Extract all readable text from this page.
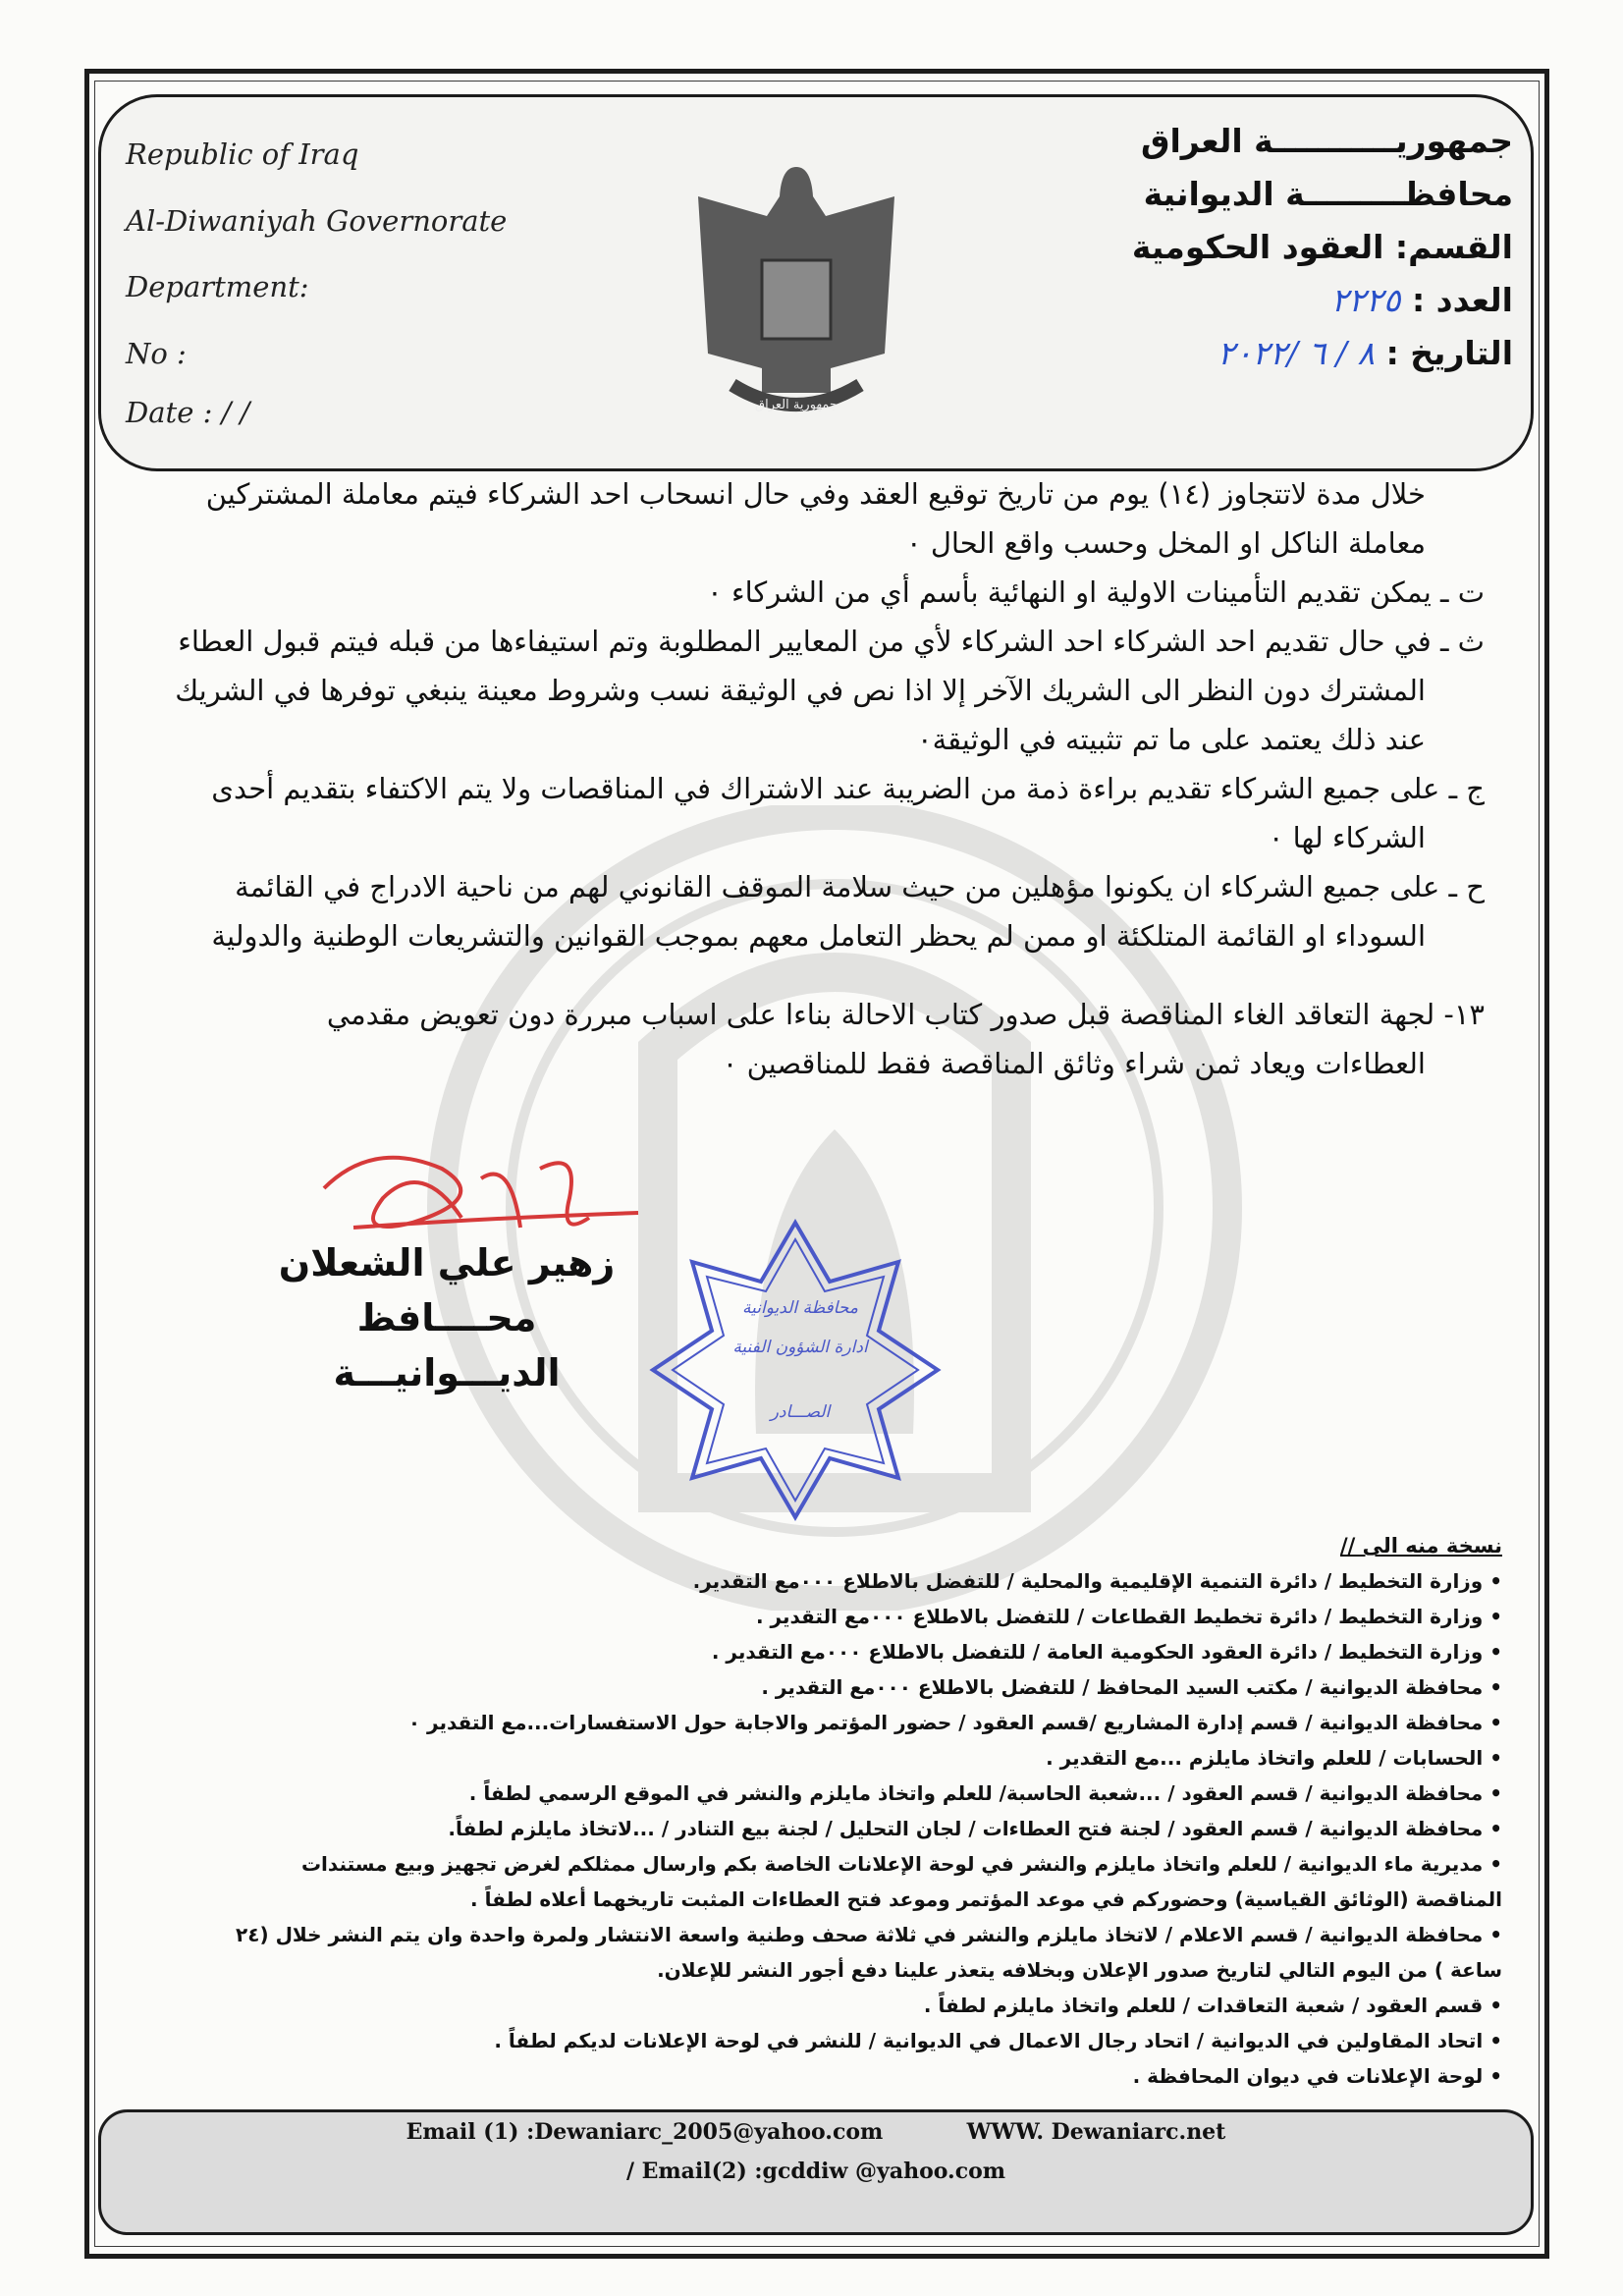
Republic of Iraq
Al-Diwaniyah Governorate
Department:
No :
Date : / /	جمهورية العراق
جمهوريـــــــــــة العراق
محافظـــــــــة الديوانية
القسم: العقود الحكومية
العدد : ٢٢٢٥
التاريخ : ٨ / ٦ /٢٠٢٢

خلال مدة لاتتجاوز (١٤) يوم من تاريخ توقيع العقد وفي حال انسحاب احد الشركاء فيتم معاملة المشتركين

معاملة الناكل او المخل وحسب واقع الحال ٠

ت ـ يمكن تقديم التأمينات الاولية او النهائية بأسم أي من الشركاء ٠

ث ـ في حال تقديم احد الشركاء احد الشركاء لأي من المعايير المطلوبة وتم استيفاءها من قبله فيتم قبول العطاء

المشترك دون النظر الى الشريك الآخر إلا اذا نص في الوثيقة نسب وشروط معينة ينبغي توفرها في الشريك

عند ذلك يعتمد على ما تم تثبيته في الوثيقة٠

ج ـ على جميع الشركاء تقديم براءة ذمة من الضريبة عند الاشتراك في المناقصات ولا يتم الاكتفاء بتقديم أحدى

الشركاء لها ٠

ح ـ على جميع الشركاء ان يكونوا مؤهلين من حيث سلامة الموقف القانوني لهم من ناحية الادراج في القائمة

السوداء او القائمة المتلكئة او ممن لم يحظر التعامل معهم بموجب القوانين والتشريعات الوطنية والدولية

١٣- لجهة التعاقد الغاء المناقصة قبل صدور كتاب الاحالة بناءا على اسباب مبررة دون تعويض مقدمي

العطاءات ويعاد ثمن شراء وثائق المناقصة فقط للمناقصين ٠

زهير علي الشعلان
محــــافظ الديـــوانيـــة
محافظة الديوانية
ادارة الشؤون الفنية
الصـــادر
نسخة منه الى //

• وزارة التخطيط / دائرة التنمية الإقليمية والمحلية / للتفضل بالاطلاع ٠٠٠مع التقدير.

• وزارة التخطيط / دائرة تخطيط القطاعات / للتفضل بالاطلاع ٠٠٠مع التقدير .

• وزارة التخطيط / دائرة العقود الحكومية العامة / للتفضل بالاطلاع ٠٠٠مع التقدير .

• محافظة الديوانية / مكتب السيد المحافظ / للتفضل بالاطلاع ٠٠٠مع التقدير .

• محافظة الديوانية / قسم إدارة المشاريع /قسم العقود / حضور المؤتمر والاجابة حول الاستفسارات...مع التقدير ٠

• الحسابات / للعلم واتخاذ مايلزم ...مع التقدير .

• محافظة الديوانية / قسم العقود / ...شعبة الحاسبة/ للعلم واتخاذ مايلزم والنشر في الموقع الرسمي لطفاً .

• محافظة الديوانية / قسم العقود / لجنة فتح العطاءات / لجان التحليل / لجنة بيع التنادر / ...لاتخاذ مايلزم لطفاً.

• مديرية ماء الديوانية / للعلم واتخاذ مايلزم والنشر في لوحة الإعلانات الخاصة بكم وارسال ممثلكم لغرض تجهيز وبيع مستندات

المناقصة (الوثائق القياسية) وحضوركم في موعد المؤتمر وموعد فتح العطاءات المثبت تاريخهما أعلاه لطفاً .

• محافظة الديوانية / قسم الاعلام / لاتخاذ مايلزم والنشر في ثلاثة صحف وطنية واسعة الانتشار ولمرة واحدة وان يتم النشر خلال (٢٤

ساعة ) من اليوم التالي لتاريخ صدور الإعلان وبخلافه يتعذر علينا دفع أجور النشر للإعلان.

• قسم العقود / شعبة التعاقدات / للعلم واتخاذ مايلزم لطفاً .

• اتحاد المقاولين في الديوانية / اتحاد رجال الاعمال في الديوانية / للنشر في لوحة الإعلانات لديكم لطفاً .

• لوحة الإعلانات في ديوان المحافظة .

Email (1) :Dewaniarc_2005@yahoo.com	WWW. Dewaniarc.net
/ Email(2) :gcddiw @yahoo.com
